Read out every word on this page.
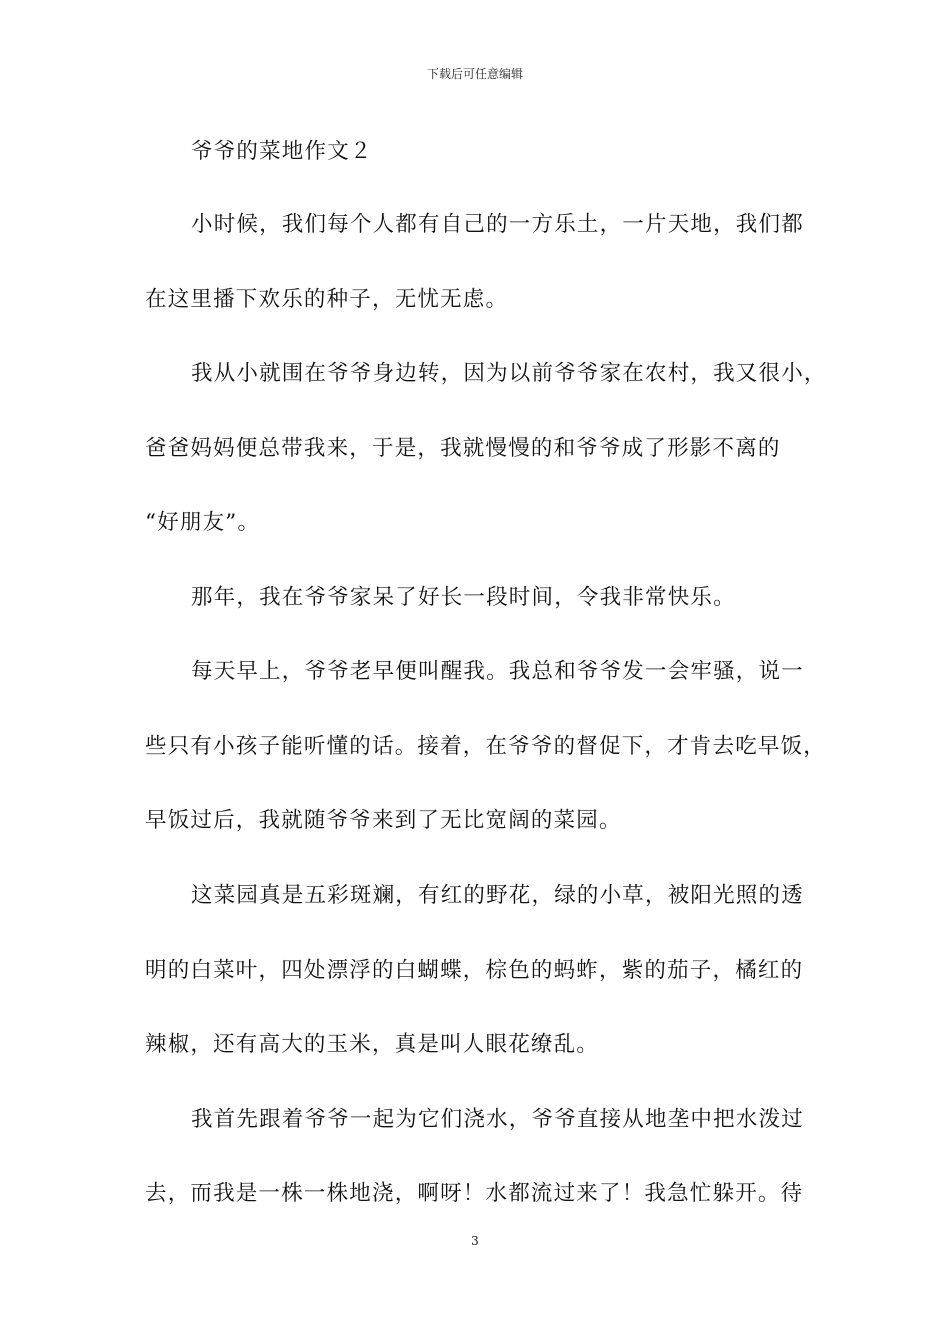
下载后可任意编辑
爷爷的菜地作文２
小时候，我们每个人都有自己的一方乐土，一片天地，我们都
在这里播下欢乐的种子，无忧无虑。
我从小就围在爷爷身边转，因为以前爷爷家在农村，我又很小，
爸爸妈妈便总带我来，于是，我就慢慢的和爷爷成了形影不离的
“好朋友”。
那年，我在爷爷家呆了好长一段时间，令我非常快乐。
每天早上，爷爷老早便叫醒我。我总和爷爷发一会牢骚，说一
些只有小孩子能听懂的话。接着，在爷爷的督促下，才肯去吃早饭，
早饭过后，我就随爷爷来到了无比宽阔的菜园。
这菜园真是五彩斑斓，有红的野花，绿的小草，被阳光照的透
明的白菜叶，四处漂浮的白蝴蝶，棕色的蚂蚱，紫的茄子，橘红的
辣椒，还有高大的玉米，真是叫人眼花缭乱。
我首先跟着爷爷一起为它们浇水，爷爷直接从地垄中把水泼过
去，而我是一株一株地浇，啊呀！水都流过来了！我急忙躲开。待
3
